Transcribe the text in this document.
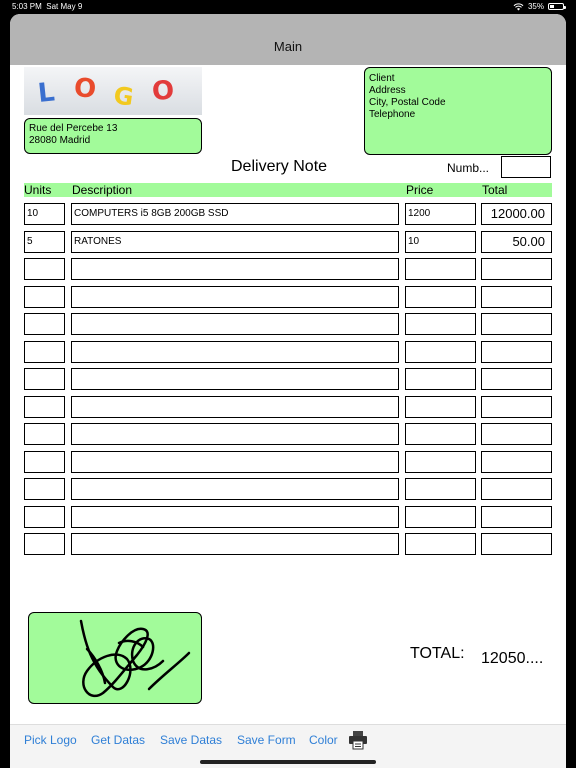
5:03 PM Sat May 9	35%
Main
L O G O
Rue del Percebe 13
28080 Madrid
Client
Address
City, Postal Code
Telephone
Delivery Note	Numb...
Units Description	Price	Total
10	COMPUTERS i5 8GB 200GB SSD	1200	12000.00
5	RATONES	10	50.00
TOTAL: 12050....
Pick Logo Get Datas Save Datas Save Form Color
